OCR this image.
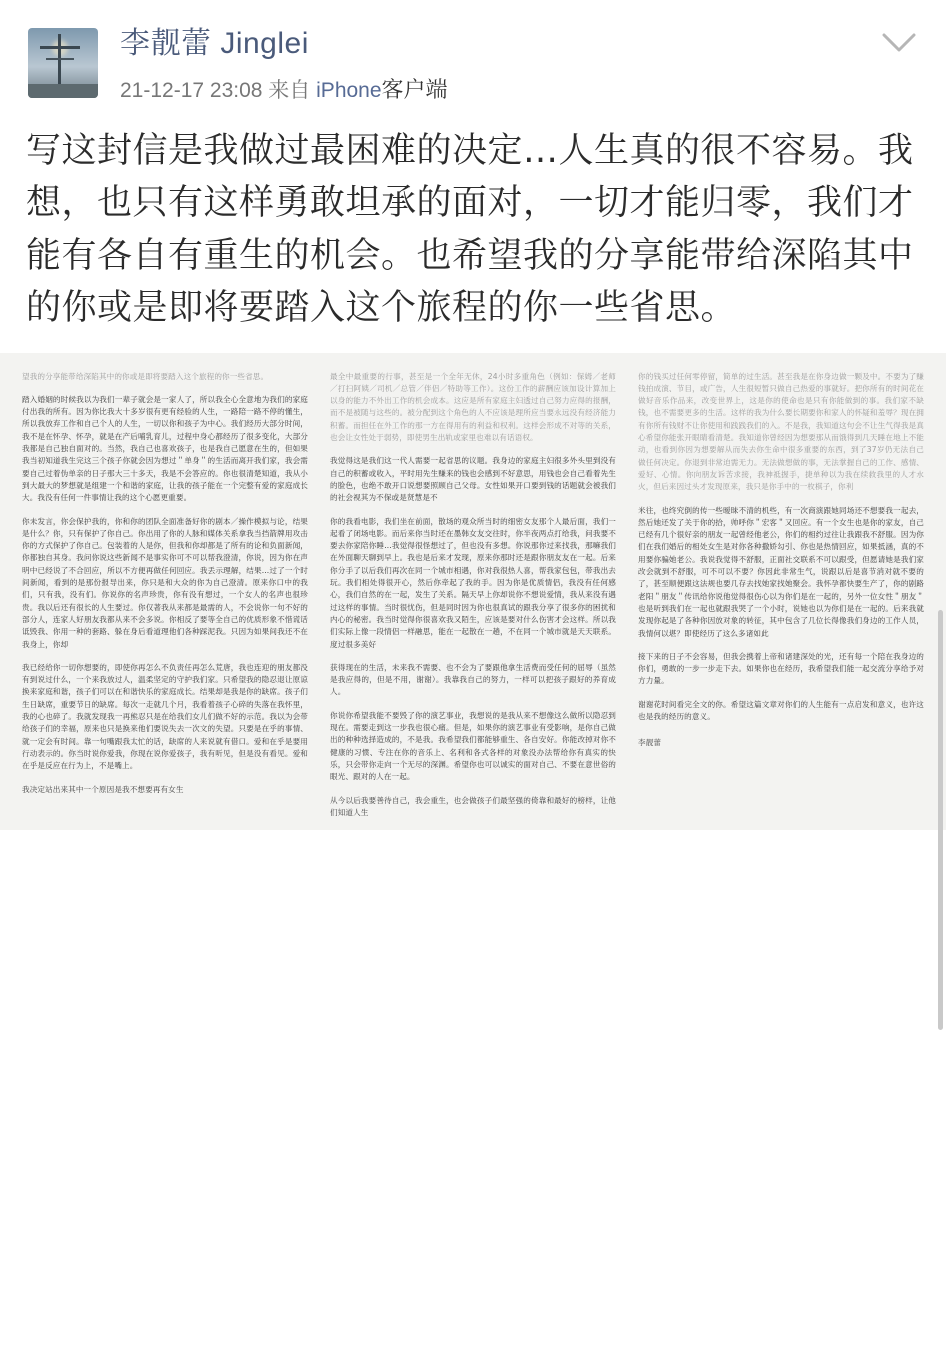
李靓蕾 Jinglei
21-12-17 23:08 来自 iPhone客户端
写这封信是我做过最困难的决定…人生真的很不容易。我想，也只有这样勇敢坦承的面对，一切才能归零，我们才能有各自有重生的机会。也希望我的分享能带给深陷其中的你或是即将要踏入这个旅程的你一些省思。

望我的分享能带给深陷其中的你或是即将要踏入这个旅程的你一些省思。

踏入婚姻的时候我以为我们一辈子就会是一家人了，所以我全心全意地为我们的家庭付出我的所有。因为你比我大十多岁很有更有经验的人生，一路陪一路不停的懂生，所以我放弃工作和自己个人的人生，一切以你和孩子为中心。我们经历大部分时间，我不是在怀孕、怀孕，就是在产后哺乳育儿，过程中身心都经历了很多变化，大部分我都是自己独自面对的。当然，我自己也喜欢孩子，也是我自己愿意在生的，但如果我当初知道我生完这三个孩子你就会因为想过＂单身＂的生活而离开我们家，我会需要自己过着伪单亲的日子那大三十多天，我是不会答应的。你也很清楚知道，我从小到大最大的梦想就是组建一个和谐的家庭，让我的孩子能在一个完整有爱的家庭成长大。我没有任何一件事情让我的这个心愿更重要。

你未发言，你会保护我的，你和你的团队全面准备好你的剧本／操作模拟与论，结果是什么？你，只有保护了你自己。你出用了你的人脉和媒体关系拿我当挡箭牌用攻击你的方式保护了你自己。包装着的人是你，但我和你却都是了所有的论和负面新闻，你都独自其身。我问你说这些新闻不是事实你可不可以帮我澄清，你说，因为你在声明中已经说了不合回应，所以不方便再做任何回应。我丢示理解，结果...过了一个时间新闻，看到的是那份报导出来，你只是和大众的你为自己澄清。原来你口中的我们，只有我，没有们。你说你的名声珍贵，你有没有想过，一个女人的名声也很珍贵。我以后还有很长的人生要过。你仅著我从来都是最需的人，不会说你一句不好的部分人，连家人好朋友我都从来不会多说。你相反了要等全自己的优质形象不惜谎话诋毁我、你用一种的套路、躲在身后看道理他们各种踩泥我。只因为如果间我还不在我身上，你却

我已经给你一切你想要的，即使你再怎么不负责任再怎么荒唐，我也连迎的朋友都没有到说过什么，一个来我放过人，温柔坚定的守护我们家。只希望我的隐忍退让原谅换来家庭和谐，孩子们可以在和谐快乐的家庭成长。结果却是我是你的缺席。孩子们生日缺席，重要节日的缺席。每次一走就几个月，我看着孩子心碎的失落在我怀里，我的心也碎了。我就发现我一再熊忍只是在给我们女儿们做不好的示范。我以为会带给孩子们的幸福，原来也只是换来他们要说失去一次文的失望。只要是在乎的事情、就一定会有时间。靠一句嘴跟我太忙的话，缺席的人来说就有借口。爱和在乎是要用行动表示的。你当时说你爱我，你现在说你爱孩子，我有听见，但是没有看见。爱和在乎是反应在行为上，不是嘴上。

我决定站出来其中一个原因是我不想要再有女生

最全中最重要的行事，甚至是一个全年无休，24小时多重角色（例如：保姆／老师／打扫阿姨／司机／总管／伴侣／特助等工作）。这份工作的薪酬应该加设计算加上以身的能力不外出工作的机会成本。这应是所有家庭主妇透过自己努力应得的报酬，而不是被随与这些的。被分配到这个角色的人不应该是理所应当要永远没有经济能力积蓄。而担任在外工作的那一方在得用有的利益和权利。这样会形成不对等的关系，也会让女性处于弱势，即使男生出轨或家里也难以有话语权。

我觉得这是我们这一代人需要一起省思的议题。我身边的家庭主妇很多外头里到没有自己的积蓄或收入，平时用先生赚来的钱也会感到不好意思，用钱也会自己看着先生的脸色，也绝不敢开口说想要照顾自己父母。女性如果开口要到钱的话题就会被我们的社会视其为不保或是贤慧是不

你的我看电影，我们坐在前面，散场的观众所当时的细密女友那个人最后面，我们一起看了闭场电影。而后来你当时还在墨韩女友交往时，你半夜两点打给我，问我要不要去你家陪你睡…我觉得很怪想过了，但也没有多想。你说那你过来找我，那嘛我们在外面聊天聊到早上。我也是后来才发现，原来你那时还是跟你朋友友在一起。后来你分手了以后我们再次在同一个城市相遇，你对我很热人喜，帮我家包包，带我出去玩。我们相处得很开心，然后你牵起了我的手。因为你是优质情侣，我没有任何感心，我们自然的在一起，发生了关系。隔天早上你却说你不想说爱情，我从来没有遇过这样的事情。当时很忧伤，但是同时因为你也很真试的跟我分享了很多你的困扰和内心的秘密。我当时觉得你很喜欢我又陌生，应该是要对什么伤害才会这样。所以我们实际上像一段情侣一样融思，能在一起散在一趟，不在同一个城市就是天天联系。度过很多美好

获得现在的生活，未来我不需要、也不会为了要跟他拿生活费而受任何的屈辱（虽然是我应得的，但是不用，谢谢）。我靠我自己的努力，一样可以把孩子跟好的养育成人。

你说你希望我能不要毁了你的演艺事业，我想说的是我从来不想像这么做所以隐忍到现在。需要走到这一步我也很心痛。但是，如果你的演艺事业有受影响，是你自己做出的种种选择造成的，不是我。我希望我们都能够重生、各自安好。你能改掉对你不健康的习惯、专注在你的音乐上、名利和各式各样的对象没办法帮给你有真实的快乐，只会带你走向一个无尽的深渊。希望你也可以诚实的面对自己、不要在意世俗的眼光、跟对的人在一起。

从今以后我要善待自己，我会重生，也会做孩子们最坚强的倚靠和最好的榜样，让他们知道人生

你的钱买过任何零停留，简单的过生活。甚至我是在你身边做一颗及中。不要为了赚钱拍成演、节目，或广告，人生很短暂只做自己热爱的事就好。把你所有的时间花在做好音乐作品来，改变世界上，这是你的使命也是只有你能做到的事。我们家不缺钱，也不需要更多的生活。这样的我为什么要长期要你和家人的怀疑和羞辱？现在拥有你所有钱财不让你使用和践践我们的入。不是我，我知道这句会不让生气得我是真心希望你能张开眼睛看清楚。我知道你曾经因为想要那从而饿得到几天睡在地上不能动，也看到你因为想要解从而失去你生命中很多重要的东西，到了37岁仍无法自己做任何决定。你退到非常迫需无力。无法做想做的事，无法掌握自己的工作、感情、爱好、心情。你向朋友诉苦求接，我神祗握手，捷单种以为我在续救我里的人才水火，但后来因过头才发现原来，我只是你手中的一枚棋子，你利

米往，也终究倒的传一些暧昧不清的机些，有一次商演跟她同场还不想要我一起去，然后她还发了关于你的拾，帅呼你＂宏客＂又回应。有一个女生也是你的家友，自己已经有几个很好亲的朋友一起曾经他老公，你们的相约过往让我跟我不舒服。因为你们在我们婚后的相处女生是对你各种撒娇勾引、你也是热情回应，如果抵涵，真的不用要你骗她老公。我说我觉得不舒服，正面社交联系不可以跟受，但愿请她是我们家改会就到不舒服，可不可以不要？你因此非常生气，说跟以后是喜节消对就不要的了，甚至顺便跟这法规也要几存去找她家找她聚会。我怀孕都快要生产了，你的剧路老阳＂朋友＂传讯给你说他觉得很伤心以为你们是在一起的，另外一位女性＂朋友＂也是听到我们在一起也就跟我哭了一个小时，说她也以为你们是在一起的。后来我就发现你起是了各种你因放对象的转征，其中包含了几位长得像我们身边的工作人员，我情何以堪？即使经历了这么多诸如此

接下来的日子不会容易，但我会携着上帝和诸建深处的光，还有每一个陪在我身边的你们，勇敢的一步一步走下去。如果你也在经历，我希望我们能一起交流分享给予对方力量。

谢谢花时间看完全文的你。希望这篇文章对你们的人生能有一点启发和意义，也许这也是我的经历的意义。

李靓蕾
